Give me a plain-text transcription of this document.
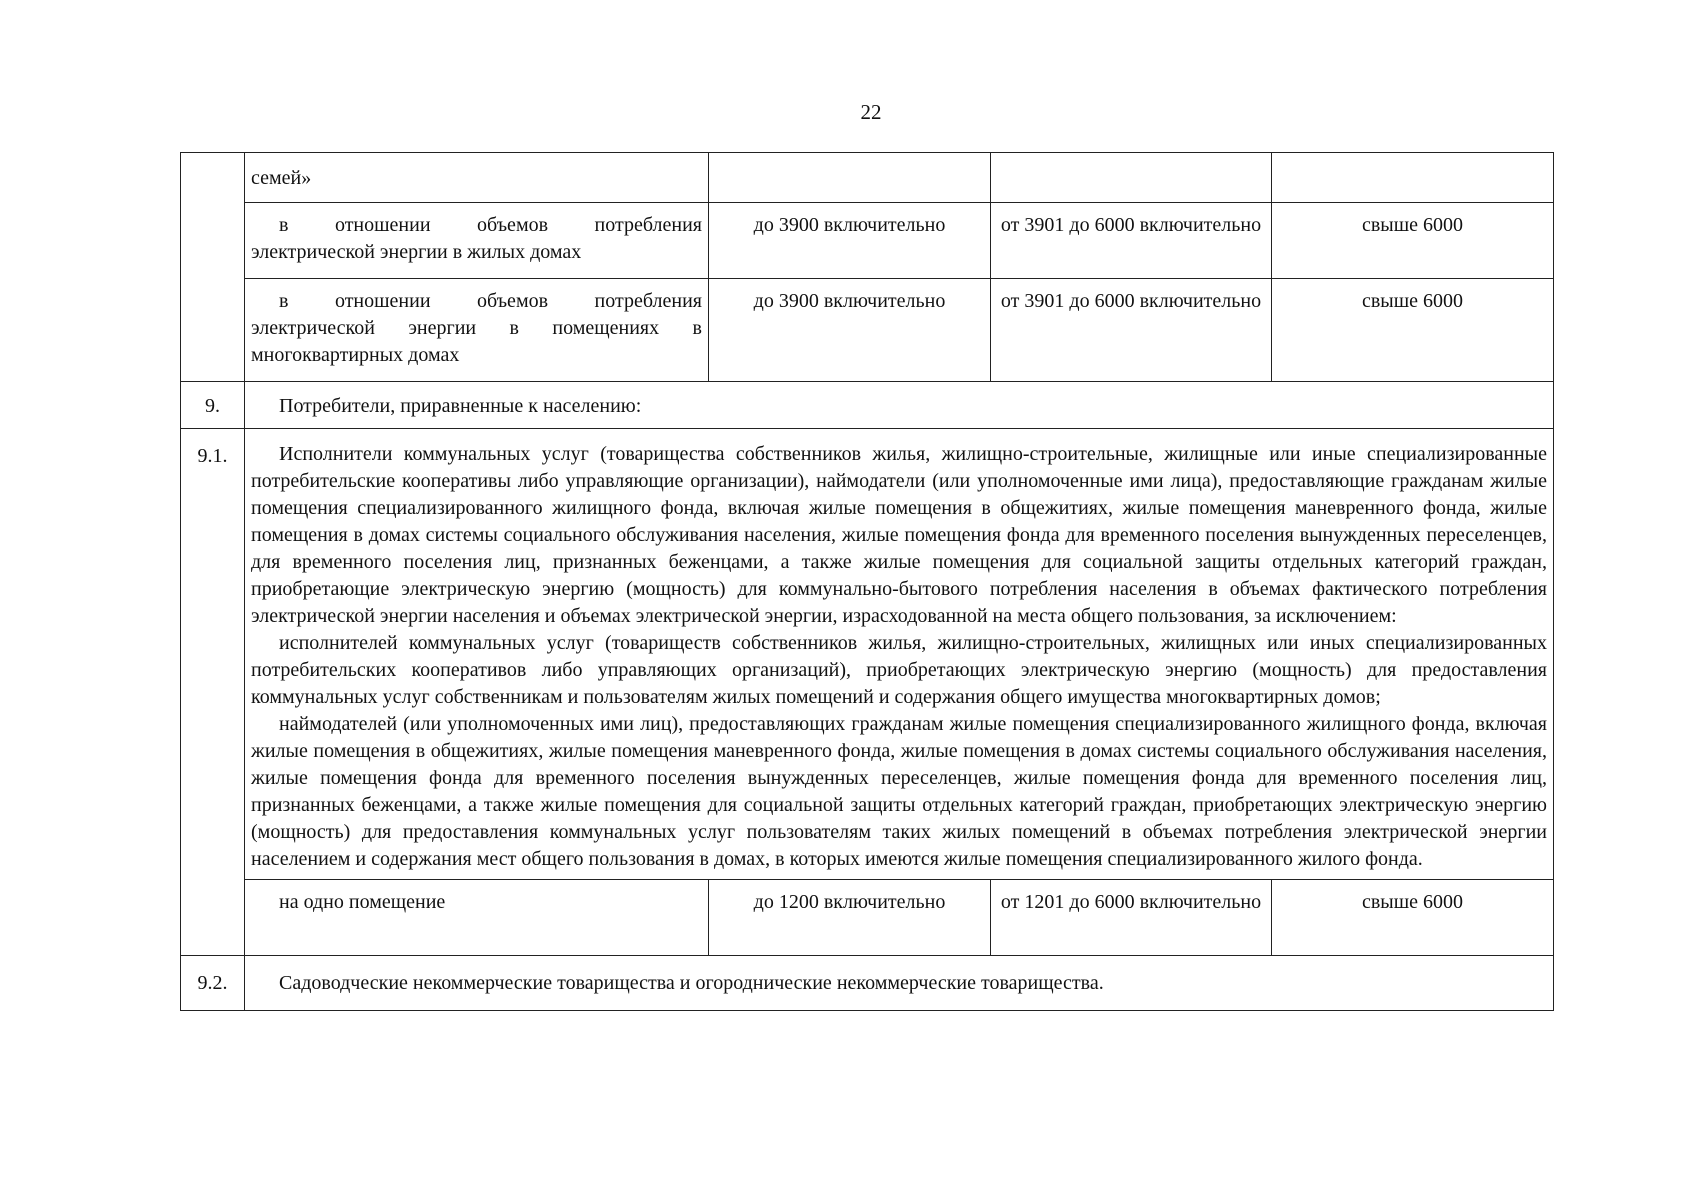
22
	семей»			
	в отношении объемов потребления электрической энергии в жилых домах	до 3900 включительно	от 3901 до 6000 включительно	свыше 6000
	в отношении объемов потребления электрической энергии в помещениях в многоквартирных домах	до 3900 включительно	от 3901 до 6000 включительно	свыше 6000
9.	Потребители, приравненные к населению:			
9.1.	Исполнители коммунальных услуг (товарищества собственников жилья, жилищно-строительные, жилищные или иные специализированные потребительские кооперативы либо управляющие организации), наймодатели (или уполномоченные ими лица), предоставляющие гражданам жилые помещения специализированного жилищного фонда, включая жилые помещения в общежитиях, жилые помещения маневренного фонда, жилые помещения в домах системы социального обслуживания населения, жилые помещения фонда для временного поселения вынужденных переселенцев, для временного поселения лиц, признанных беженцами, а также жилые помещения для социальной защиты отдельных категорий граждан, приобретающие электрическую энергию (мощность) для коммунально-бытового потребления населения в объемах фактического потребления электрической энергии населения и объемах электрической энергии, израсходованной на места общего пользования, за исключением:

исполнителей коммунальных услуг (товариществ собственников жилья, жилищно-строительных, жилищных или иных специализированных потребительских кооперативов либо управляющих организаций), приобретающих электрическую энергию (мощность) для предоставления коммунальных услуг собственникам и пользователям жилых помещений и содержания общего имущества многоквартирных домов;

наймодателей (или уполномоченных ими лиц), предоставляющих гражданам жилые помещения специализированного жилищного фонда, включая жилые помещения в общежитиях, жилые помещения маневренного фонда, жилые помещения в домах системы социального обслуживания населения, жилые помещения фонда для временного поселения вынужденных переселенцев, жилые помещения фонда для временного поселения лиц, признанных беженцами, а также жилые помещения для социальной защиты отдельных категорий граждан, приобретающих электрическую энергию (мощность) для предоставления коммунальных услуг пользователям таких жилых помещений в объемах потребления электрической энергии населением и содержания мест общего пользования в домах, в которых имеются жилые помещения специализированного жилого фонда.			

	на одно помещение	до 1200 включительно	от 1201 до 6000 включительно	свыше 6000
9.2.	Садоводческие некоммерческие товарищества и огороднические некоммерческие товарищества.			
